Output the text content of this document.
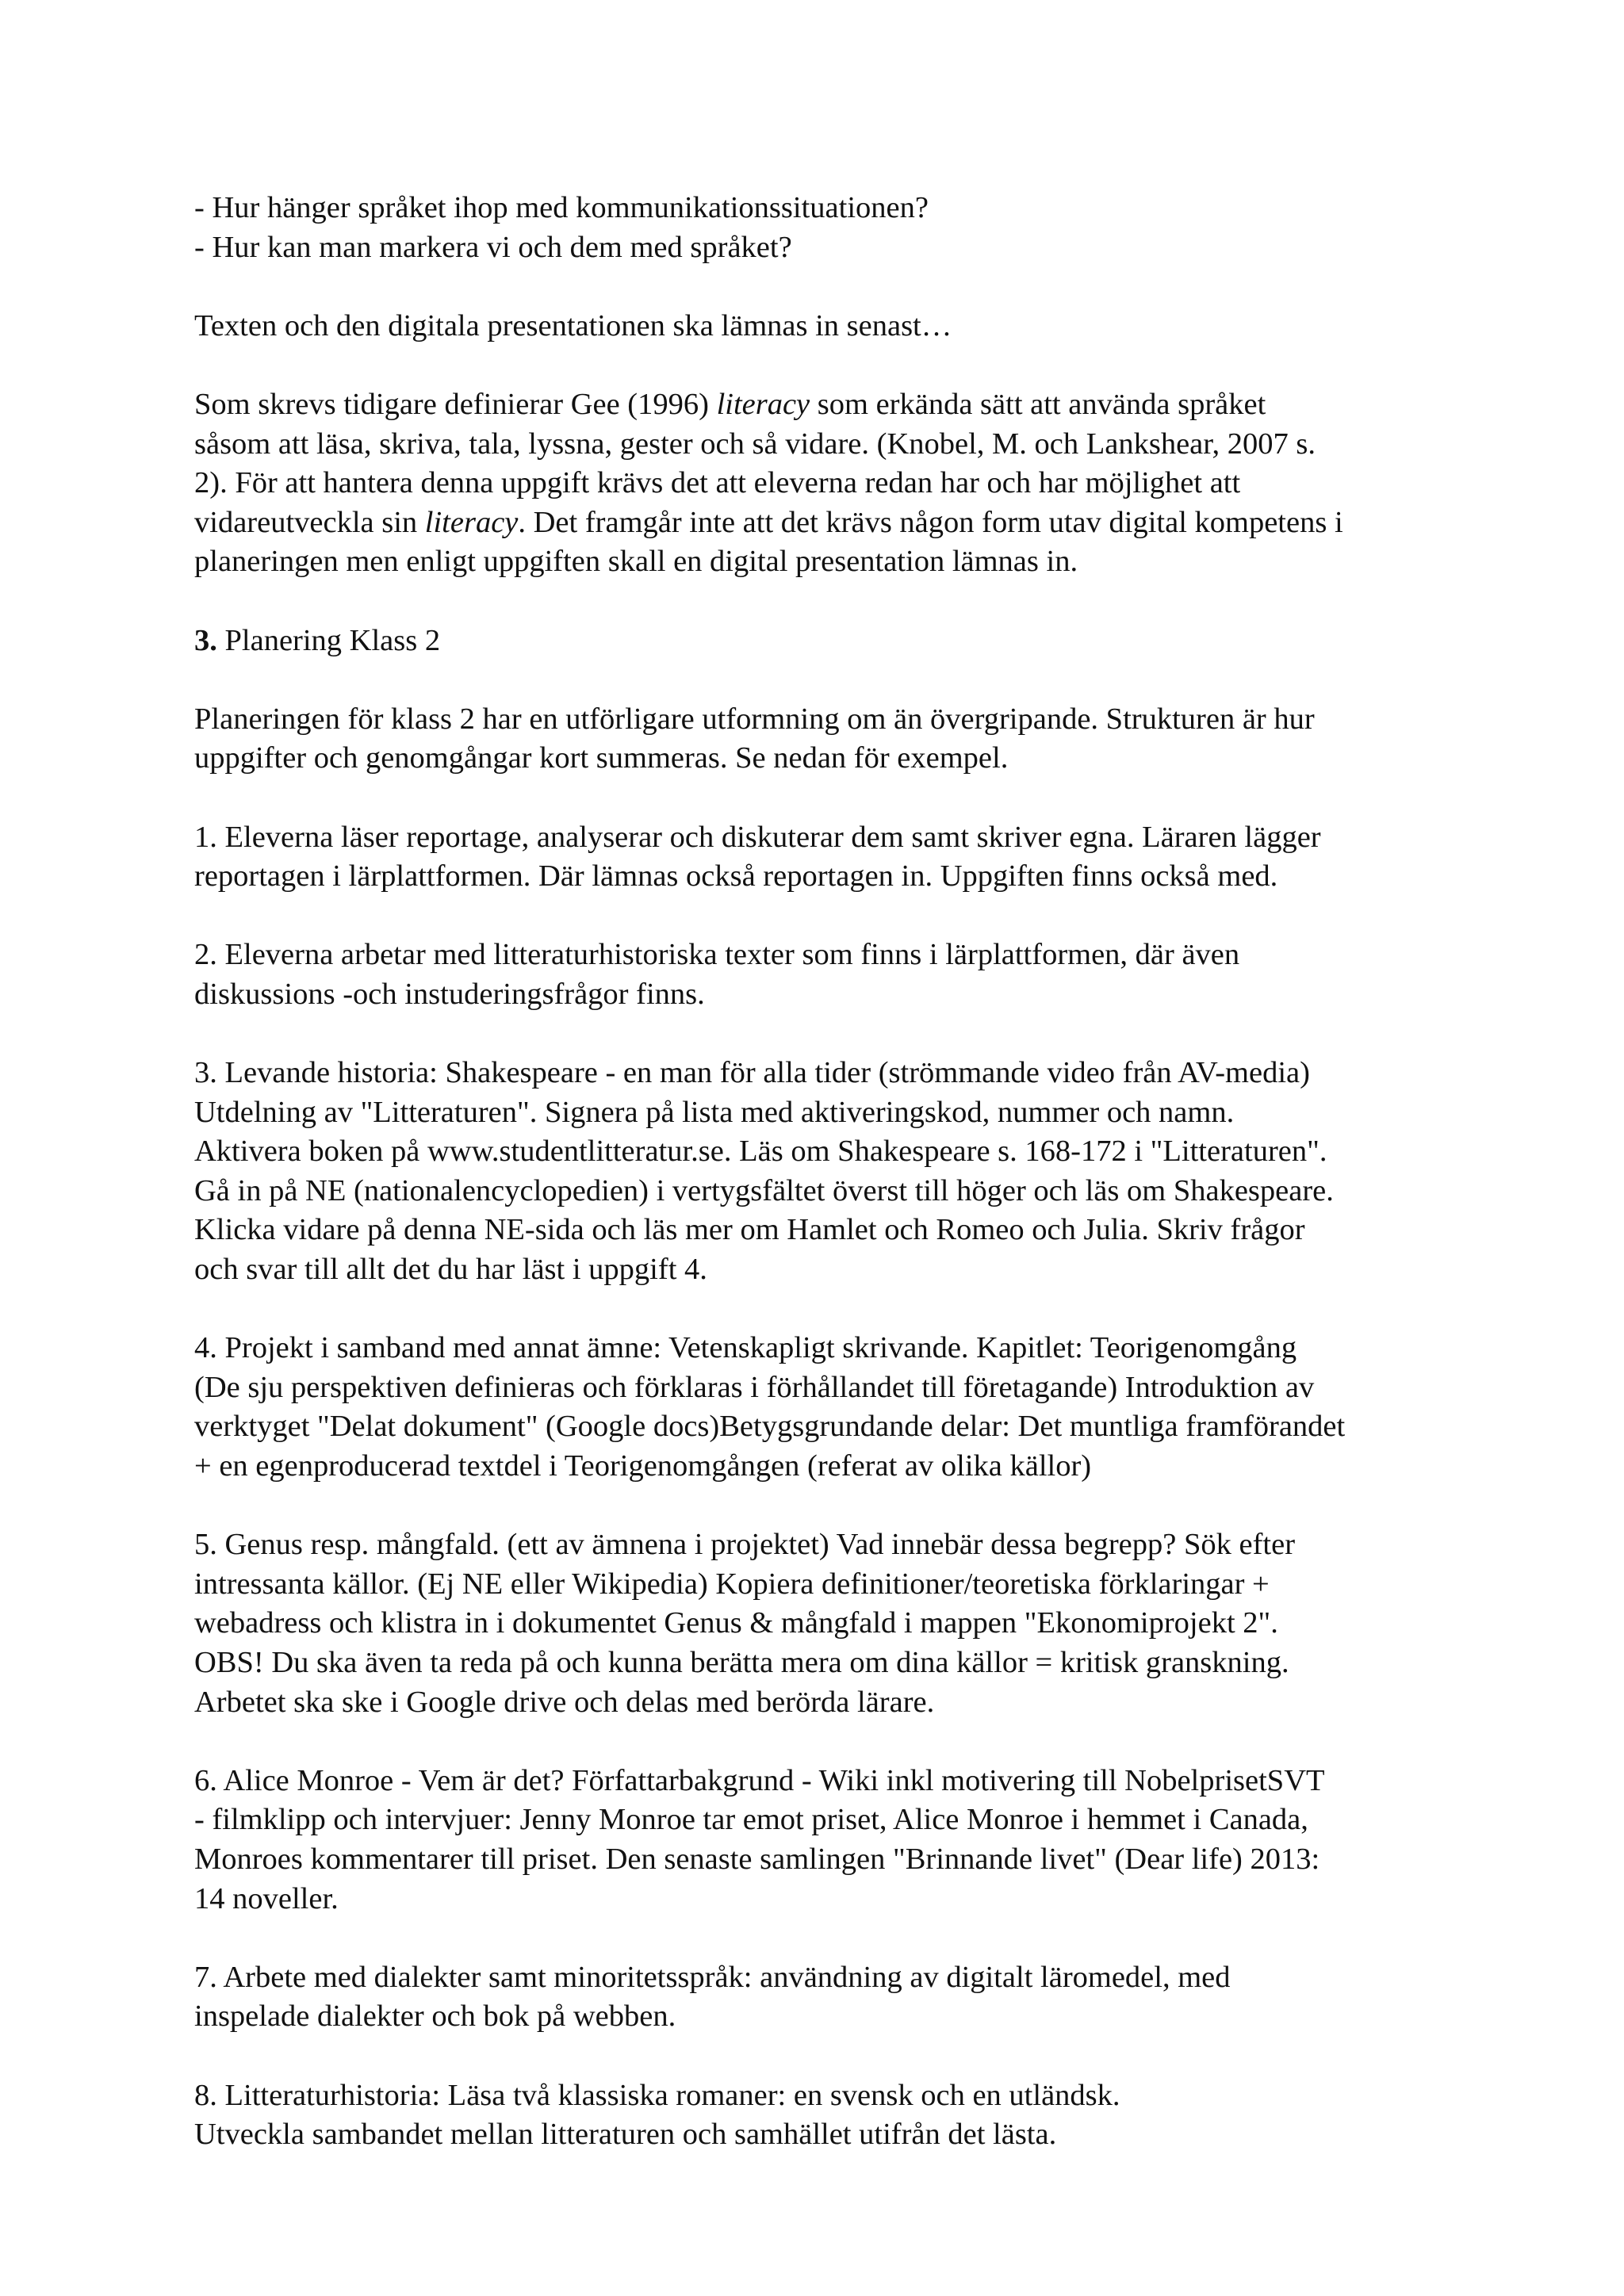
- Hur hänger språket ihop med kommunikationssituationen?
- Hur kan man markera vi och dem med språket?

Texten och den digitala presentationen ska lämnas in senast…

Som skrevs tidigare definierar Gee (1996) literacy som erkända sätt att använda språket
såsom att läsa, skriva, tala, lyssna, gester och så vidare. (Knobel, M. och Lankshear, 2007 s.
2). För att hantera denna uppgift krävs det att eleverna redan har och har möjlighet att
vidareutveckla sin literacy. Det framgår inte att det krävs någon form utav digital kompetens i
planeringen men enligt uppgiften skall en digital presentation lämnas in.

3. Planering Klass 2

Planeringen för klass 2 har en utförligare utformning om än övergripande. Strukturen är hur
uppgifter och genomgångar kort summeras. Se nedan för exempel.

1. Eleverna läser reportage, analyserar och diskuterar dem samt skriver egna. Läraren lägger
reportagen i lärplattformen. Där lämnas också reportagen in. Uppgiften finns också med.

2. Eleverna arbetar med litteraturhistoriska texter som finns i lärplattformen, där även
diskussions -och instuderingsfrågor finns.

3. Levande historia: Shakespeare - en man för alla tider (strömmande video från AV-media)
Utdelning av "Litteraturen". Signera på lista med aktiveringskod, nummer och namn.
Aktivera boken på www.studentlitteratur.se. Läs om Shakespeare s. 168-172 i "Litteraturen".
Gå in på NE (nationalencyclopedien) i vertygsfältet överst till höger och läs om Shakespeare.
Klicka vidare på denna NE-sida och läs mer om Hamlet och Romeo och Julia. Skriv frågor
och svar till allt det du har läst i uppgift 4.

4. Projekt i samband med annat ämne: Vetenskapligt skrivande. Kapitlet: Teorigenomgång
(De sju perspektiven definieras och förklaras i förhållandet till företagande) Introduktion av
verktyget "Delat dokument" (Google docs)Betygsgrundande delar: Det muntliga framförandet
+ en egenproducerad textdel i Teorigenomgången (referat av olika källor)

5. Genus resp. mångfald. (ett av ämnena i projektet) Vad innebär dessa begrepp? Sök efter
intressanta källor. (Ej NE eller Wikipedia) Kopiera definitioner/teoretiska förklaringar +
webadress och klistra in i dokumentet Genus & mångfald i mappen "Ekonomiprojekt 2".
OBS! Du ska även ta reda på och kunna berätta mera om dina källor = kritisk granskning.
Arbetet ska ske i Google drive och delas med berörda lärare.

6. Alice Monroe - Vem är det? Författarbakgrund - Wiki inkl motivering till NobelprisetSVT
- filmklipp och intervjuer: Jenny Monroe tar emot priset, Alice Monroe i hemmet i Canada,
Monroes kommentarer till priset. Den senaste samlingen "Brinnande livet" (Dear life) 2013:
14 noveller.

7. Arbete med dialekter samt minoritetsspråk: användning av digitalt läromedel, med
inspelade dialekter och bok på webben.

8. Litteraturhistoria: Läsa två klassiska romaner: en svensk och en utländsk.
Utveckla sambandet mellan litteraturen och samhället utifrån det lästa.
